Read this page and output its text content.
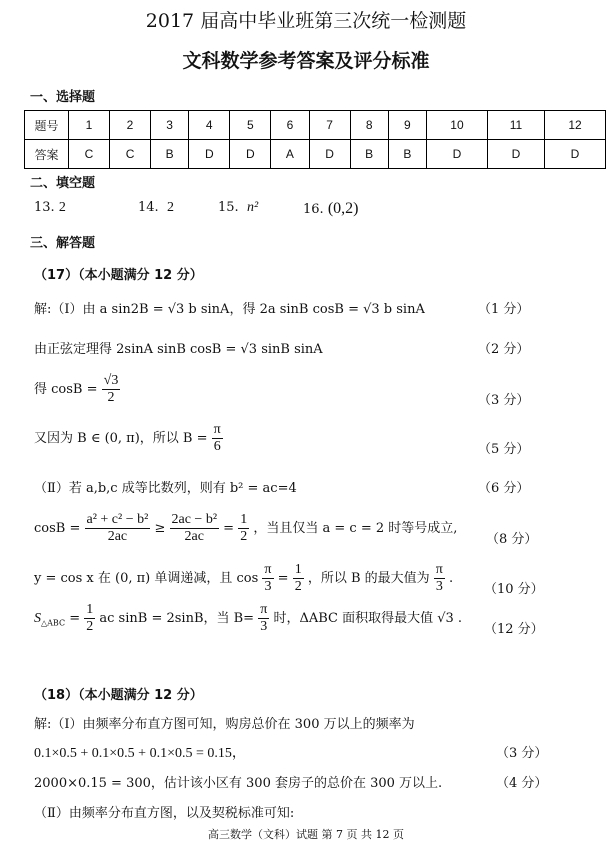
2017 届高中毕业班第三次统一检测题
文科数学参考答案及评分标准
一、选择题
题号	1	2	3	4	5	6	7	8	9	10	11	12
答案	C	C	B	D	D	A	D	B	B	D	D	D
二、填空题
13. 2	14. 2	15. n²	16. (0,2)
三、解答题
（17）（本小题满分 12 分）
解:（Ⅰ）由 a sin2B = √3 b sinA，得 2a sinB cosB = √3 b sinA	（1 分）
由正弦定理得 2sinA sinB cosB = √3 sinB sinA	（2 分）
得 $\cos B = \frac{√3}{2}$	（3 分）
又因为 B ∈ (0, π)，所以 $B = \frac{\pi}{6}$	（5 分）
（Ⅱ）若 a,b,c 成等比数列，则有 b² = ac=4	（6 分）
$\cos B = \frac{\text{a² + c² − b²}}{2ac} \ge \frac{\text{2ac − b²}}{2ac} = \frac{1}{2}$ ，当且仅当 a = c = 2 时等号成立,
（8 分）
y = cos x 在 (0, π) 单调递减，且 $\cos \frac{\pi}{3} = \frac{1}{2}$ ，所以 B 的最大值为 $\frac{\pi}{3}$ .
（10 分）
$S_{\triangle ABC} = \frac{1}{2}$ ac sinB = 2sinB，当 $B= \frac{\pi}{3}$ 时，ΔABC 面积取得最大值 √3 .
（12 分）
（18）（本小题满分 12 分）
解:（Ⅰ）由频率分布直方图可知，购房总价在 300 万以上的频率为
0.1×0.5 + 0.1×0.5 + 0.1×0.5 = 0.15，	（3 分）
2000×0.15 = 300，估计该小区有 300 套房子的总价在 300 万以上.	（4 分）
（Ⅱ）由频率分布直方图，以及契税标准可知:
高三数学（文科）试题 第 7 页 共 12 页
